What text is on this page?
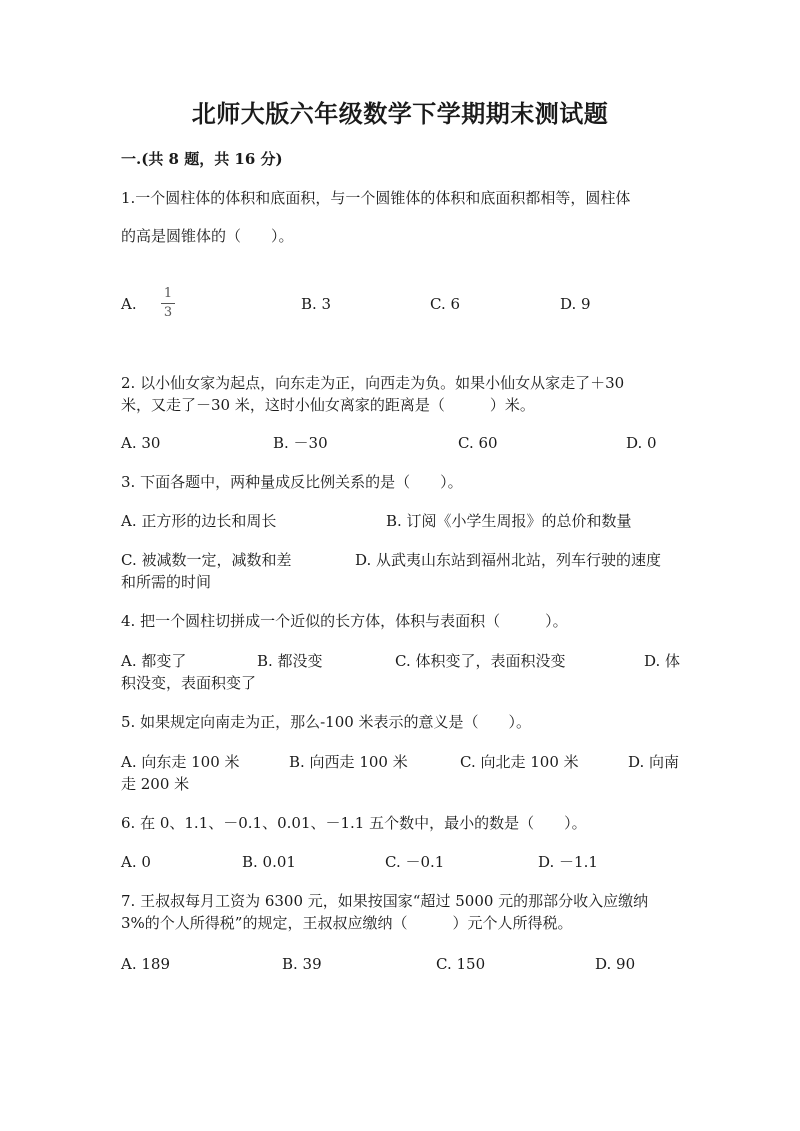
北师大版六年级数学下学期期末测试题
一.(共 8 题，共 16 分)
1.一个圆柱体的体积和底面积，与一个圆锥体的体积和底面积都相等，圆柱体
的高是圆锥体的（　　）。
A.
1
3	B. 3	C. 6	D. 9
2. 以小仙女家为起点，向东走为正，向西走为负。如果小仙女从家走了＋30
米，又走了－30 米，这时小仙女离家的距离是（　　　）米。
A. 30	B. －30	C. 60	D. 0
3. 下面各题中，两种量成反比例关系的是（　　）。
A. 正方形的边长和周长	B. 订阅《小学生周报》的总价和数量
C. 被减数一定，减数和差	D. 从武夷山东站到福州北站，列车行驶的速度
和所需的时间
4. 把一个圆柱切拼成一个近似的长方体，体积与表面积（　　　）。
A. 都变了	B. 都没变	C. 体积变了，表面积没变	D. 体
积没变，表面积变了
5. 如果规定向南走为正，那么-100 米表示的意义是（　　）。
A. 向东走 100 米	B. 向西走 100 米	C. 向北走 100 米	D. 向南
走 200 米
6. 在 0、1.1、－0.1、0.01、－1.1 五个数中，最小的数是（　　）。
A. 0	B. 0.01	C. －0.1	D. －1.1
7. 王叔叔每月工资为 6300 元，如果按国家“超过 5000 元的那部分收入应缴纳
3%的个人所得税”的规定，王叔叔应缴纳（　　　）元个人所得税。
A. 189	B. 39	C. 150	D. 90
